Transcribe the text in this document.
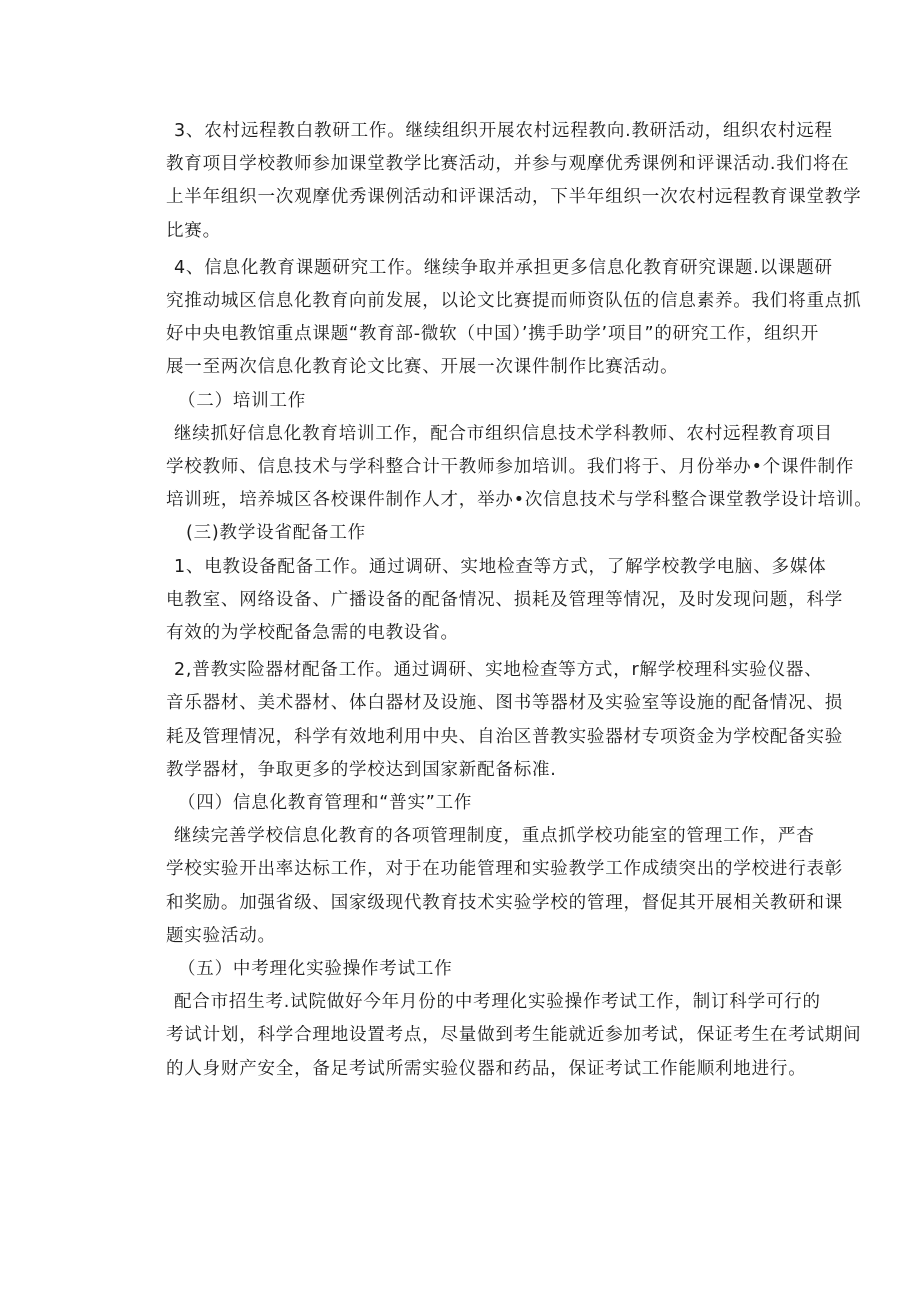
3、农村远程教白教研工作。继续组织开展农村远程教向.教研活动，组织农村远程
教育项目学校教师参加课堂教学比赛活动，并参与观摩优秀课例和评课活动.我们将在
上半年组织一次观摩优秀课例活动和评课活动，下半年组织一次农村远程教育课堂教学
比赛。
4、信息化教育课题研究工作。继续争取并承担更多信息化教育研究课题.以课题研
究推动城区信息化教育向前发展，以论文比赛提而师资队伍的信息素养。我们将重点抓
好中央电教馆重点课题“教育部-微软（中国）’携手助学’项目”的研究工作，组织开
展一至两次信息化教育论文比赛、开展一次课件制作比赛活动。
（二）培训工作
继续抓好信息化教育培训工作，配合市组织信息技术学科教师、农村远程教育项目
学校教师、信息技术与学科整合计干教师参加培训。我们将于、月份举办•个课件制作
培训班，培养城区各校课件制作人才，举办•次信息技术与学科整合课堂教学设计培训。
(三)教学设省配备工作
1、电教设备配备工作。通过调研、实地检查等方式，了解学校教学电脑、多媒体
电教室、网络设备、广播设备的配备情况、损耗及管理等情况，及时发现问题，科学
有效的为学校配备急需的电教设省。
2,普教实险器材配备工作。通过调研、实地检查等方式，r解学校理科实验仪器、
音乐器材、美术器材、体白器材及设施、图书等器材及实验室等设施的配备情况、损
耗及管理情况，科学有效地利用中央、自治区普教实验器材专项资金为学校配备实验
教学器材，争取更多的学校达到国家新配备标准.
（四）信息化教育管理和“普实”工作
继续完善学校信息化教育的各项管理制度，重点抓学校功能室的管理工作，严杳
学校实验开出率达标工作，对于在功能管理和实验教学工作成绩突出的学校进行表彰
和奖励。加强省级、国家级现代教育技术实验学校的管理，督促其开展相关教研和课
题实验活动。
（五）中考理化实验操作考试工作
配合市招生考.试院做好今年月份的中考理化实验操作考试工作，制订科学可行的
考试计划，科学合理地设置考点，尽量做到考生能就近参加考试，保证考生在考试期间
的人身财产安全，备足考试所需实验仪器和药品，保证考试工作能顺利地进行。
